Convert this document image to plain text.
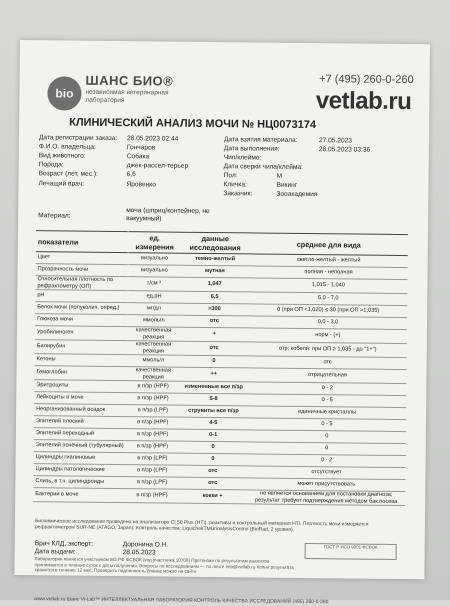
bio
ШАНС БИО®
независимая ветеринарная лаборатория
+7 (495) 260-0-260
vetlab.ru
КЛИНИЧЕСКИЙ АНАЛИЗ МОЧИ № НЦ0073174
Дата регистрации заказа: 28.05.2023 02:44
Ф.И.О. владельца:	Гончаров
Вид животного:	Собака
Порода:	джек-рассел-терьер
Возраст (лет, мес.):	6,6
Лечащий врач:	Яровенко
Дата взятия материала:	27.05.2023
Дата выполнения:	28.05.2023 03:36
Чип/клеймо:
Дата сверки чипа/клейма:
Пол:	М
Кличка:	Викинг
Заказчик:	Зооакадемия
Материал:
моча (шприц/контейнер, не вакуумный)
показатели	ед. измерения	данные исследования	среднее для вида
Цвет	визуально	темно-желтый	светло-желтый - желтый
Прозрачность мочи	визуально	мутная	полная - неполная
Относительная плотность по рефрактометру (ОП)	г/см ³	1,047	1,015 - 1,040
pH	ед.pH	6,5	5,0 - 7,0
Белок мочи (полуколич. опред.)	мг/дл	>300	0 (при ОП <1,020) ≤ 30 (при ОП >1,035)
Глюкоза мочи	ммоль/л	отс	0,0 - 3,0
Уробилиноген	качественная реакция	+	норм - (+)
Билирубин	качественная реакция	отс	отр; кобели: при ОП ≥ 1,035 - до "1+")
Кетоны	ммоль/л	0	отс
Гемоглобин	качественная реакция	++	отрицательная
Эритроциты	в п/зр (HPF)	измененные все п/зр	0 - 2
Лейкоциты в моче	в п/зр (HPF)	5-8	0 - 5
Неорганизованный осадок	в п/зр (LPF)	струвиты все п/зр	единичные кристаллы
Эпителий плоский	в п/зр (HPF)	4-5	0 - 5
Эпителий переходный	в п/зр (HPF)	0-1	0
Эпителий почечный (тубулярный)	в п/зр (HPF)	0	0
Цилиндры гиалиновые	в п/зр (LPF)	0	0 - 2
Цилиндры патологические	в п/зр (LPF)	отс	отсутствует
Слизь, в т.ч. цилиндроиды	в п/зр (LPF)	отс	может присутствовать
Бактерии в моче	в п/зр (HPF)	кокки +	не является основанием для постановки диагноза; результат требует подтверждения методом бак.посева
Биохимическое исследование проведено на анализаторе CI 50 Plus (HTI), реактивы и контрольный материал HTI. Плотность мочи измеряется рефрактометром SUR-NE (ATAGO, Japan). Контроль качества: LiquichekTMUrinalysisControl (BioRad, 2 уровня).
Врач КЛД, эксперт:	Доронина О.Н.
Дата выдачи:	28.05.2023
Лаборатория является участником МЗ РФ ФСВОК (код участника 10708) Претензии по результатам анализов принимаются в течение суток с даты получения. Вопросы по исследованиям — по почте info@vetlab.ru Копия результата хранится в течение 12 мес. Проверить подлинность бланка можно на сайте
ГОСТ Р ИСО 9001 ФСВОК
www.vetlab.ru Шанс Vi-Lab™ ИНТЕЛЛЕКТУАЛЬНАЯ ЛАБОРАТОРИЯ КОНТРОЛЬ КАЧЕСТВА ИССЛЕДОВАНИЙ (495) 260-0-260
